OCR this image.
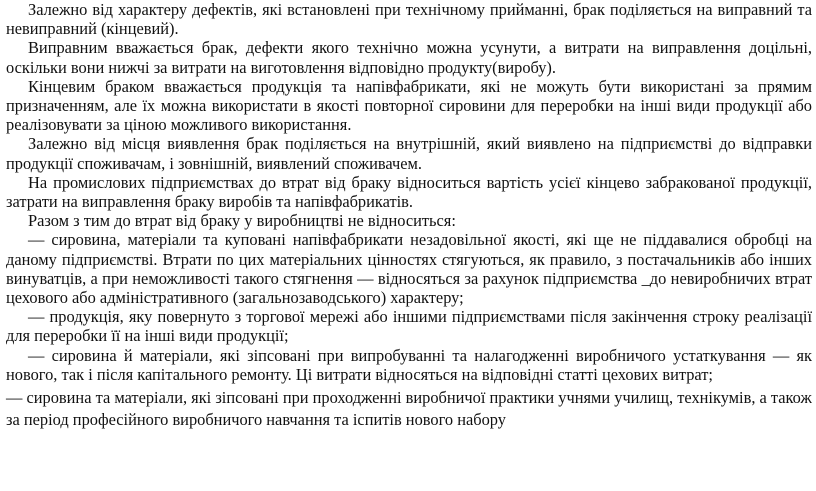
Залежно від характеру дефектів, які встановлені при технічному прийманні, брак поділяється на виправний та невиправний (кінцевий).

Виправним вважається брак, дефекти якого технічно можна усунути, а витрати на виправлення доцільні, оскільки вони нижчі за витрати на виготовлення відповідно продукту(виробу).

Кінцевим браком вважається продукція та напівфабрикати, які не можуть бути використані за прямим призначенням, але їх можна використати в якості повторної сировини для переробки на інші види продукції або реалізовувати за ціною можливого використання.

Залежно від місця виявлення брак поділяється на внутрішній, який виявлено на підприємстві до відправки продукції споживачам, і зовнішній, виявлений споживачем.

На промислових підприємствах до втрат від браку відноситься вартість усієї кінцево забракованої продукції, затрати на виправлення браку виробів та напівфабрикатів.

Разом з тим до втрат від браку у виробництві не відноситься:

— сировина, матеріали та куповані напівфабрикати незадовільної якості, які ще не піддавалися обробці на даному підприємстві. Втрати по цих матеріальних цінностях стягуються, як правило, з постачальників або інших винуватців, а при неможливості такого стягнення — відносяться за рахунок підприємства _до невиробничих втрат цехового або адміністративного (загальнозаводського) характеру;

— продукція, яку повернуто з торгової мережі або іншими підприємствами після закінчення строку реалізації для переробки її на інші види продукції;

— сировина й матеріали, які зіпсовані при випробуванні та налагодженні виробничого устаткування — як нового, так і після капітального ремонту. Ці витрати відносяться на відповідні статті цехових витрат;

— сировина та матеріали, які зіпсовані при проходженні виробничої практики учнями училищ, технікумів, а також за період професійного виробничого навчання та іспитів нового набору
